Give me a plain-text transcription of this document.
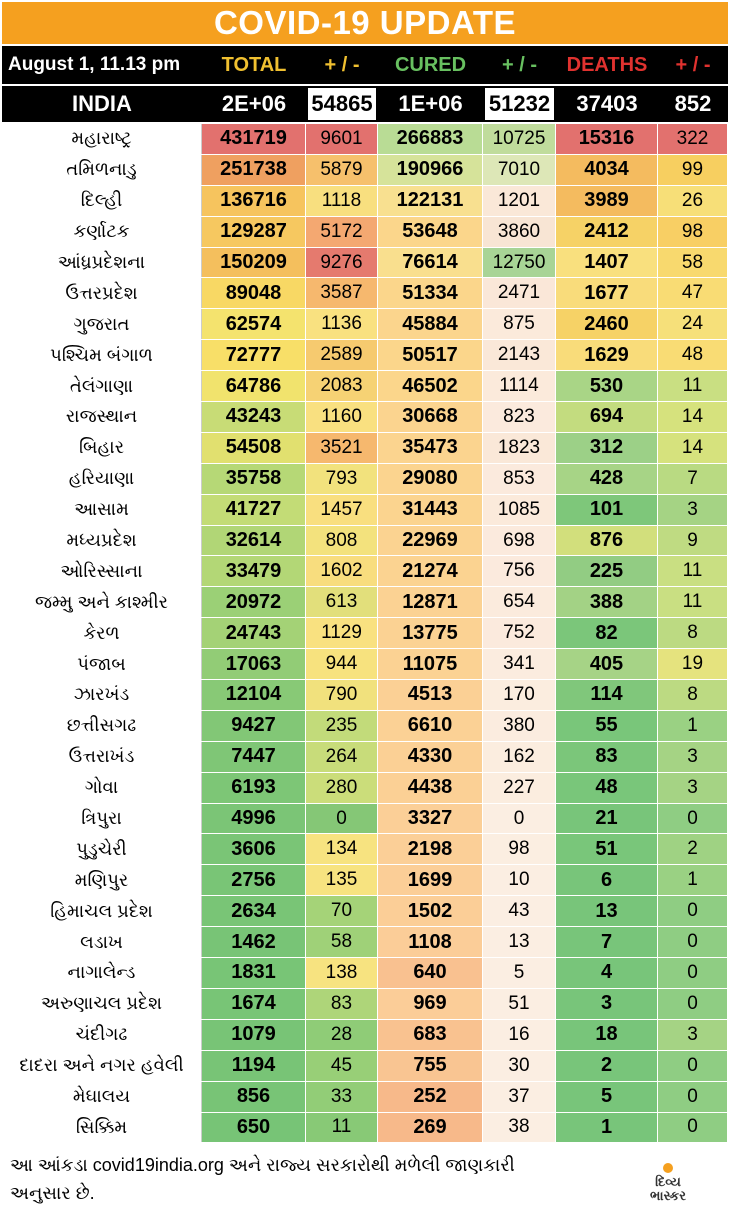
COVID-19 UPDATE
August 1, 11.13 pm	TOTAL	+ / -	CURED	+ / -	DEATHS	+ / -
INDIA	2E+06	54865	1E+06	51232	37403	852
મહારાષ્ટ્ર	431719	9601	266883	10725	15316	322
તમિળનાડુ	251738	5879	190966	7010	4034	99
દિલ્હી	136716	1118	122131	1201	3989	26
કર્ણાટક	129287	5172	53648	3860	2412	98
આંધ્રપ્રદેશના	150209	9276	76614	12750	1407	58
ઉત્તરપ્રદેશ	89048	3587	51334	2471	1677	47
ગુજરાત	62574	1136	45884	875	2460	24
પશ્ચિમ બંગાળ	72777	2589	50517	2143	1629	48
તેલંગાણા	64786	2083	46502	1114	530	11
રાજસ્થાન	43243	1160	30668	823	694	14
બિહાર	54508	3521	35473	1823	312	14
હરિયાણા	35758	793	29080	853	428	7
આસામ	41727	1457	31443	1085	101	3
મધ્યપ્રદેશ	32614	808	22969	698	876	9
ઓરિસ્સાના	33479	1602	21274	756	225	11
જમ્મુ અને કાશ્મીર	20972	613	12871	654	388	11
કેરળ	24743	1129	13775	752	82	8
પંજાબ	17063	944	11075	341	405	19
ઝારખંડ	12104	790	4513	170	114	8
છત્તીસગઢ	9427	235	6610	380	55	1
ઉત્તરાખંડ	7447	264	4330	162	83	3
ગોવા	6193	280	4438	227	48	3
ત્રિપુરા	4996	0	3327	0	21	0
પુડુચેરી	3606	134	2198	98	51	2
મણિપુર	2756	135	1699	10	6	1
હિમાચલ પ્રદેશ	2634	70	1502	43	13	0
લડાખ	1462	58	1108	13	7	0
નાગાલેન્ડ	1831	138	640	5	4	0
અરુણાચલ પ્રદેશ	1674	83	969	51	3	0
ચંદીગઢ	1079	28	683	16	18	3
દાદરા અને નગર હવેલી	1194	45	755	30	2	0
મેઘાલય	856	33	252	37	5	0
સિક્કિમ	650	11	269	38	1	0
આ આંકડા covid19india.org અને રાજ્ય સરકારોથી મળેલી જાણકારી અનુસાર છે.
દિવ્ય
ભાસ્કર
